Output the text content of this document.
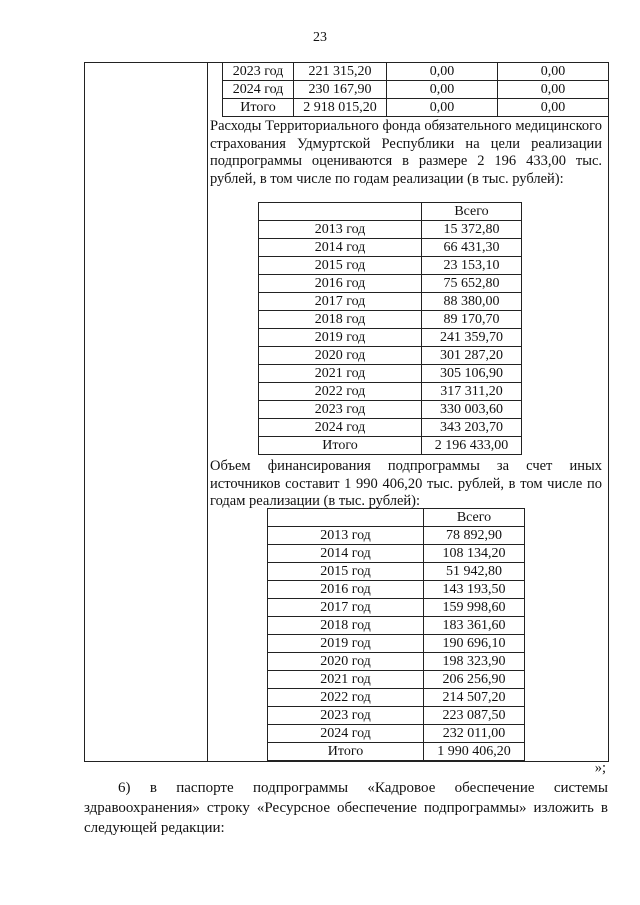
23
2023 год	221 315,20	0,00	0,00
2024 год	230 167,90	0,00	0,00
Итого	2 918 015,20	0,00	0,00
Расходы Территориального фонда обязательного медицинского страхования Удмуртской Республики на цели реализации подпрограммы оцениваются в размере 2 196 433,00 тыс. рублей, в том числе по годам реализации (в тыс. рублей):
	Всего
2013 год	15 372,80
2014 год	66 431,30
2015 год	23 153,10
2016 год	75 652,80
2017 год	88 380,00
2018 год	89 170,70
2019 год	241 359,70
2020 год	301 287,20
2021 год	305 106,90
2022 год	317 311,20
2023 год	330 003,60
2024 год	343 203,70
Итого	2 196 433,00
Объем финансирования подпрограммы за счет иных источников составит 1 990 406,20 тыс. рублей, в том числе по годам реализации (в тыс. рублей):
	Всего
2013 год	78 892,90
2014 год	108 134,20
2015 год	51 942,80
2016 год	143 193,50
2017 год	159 998,60
2018 год	183 361,60
2019 год	190 696,10
2020 год	198 323,90
2021 год	206 256,90
2022 год	214 507,20
2023 год	223 087,50
2024 год	232 011,00
Итого	1 990 406,20
»;
6) в паспорте подпрограммы «Кадровое обеспечение системы здравоохранения» строку «Ресурсное обеспечение подпрограммы» изложить в следующей редакции:
